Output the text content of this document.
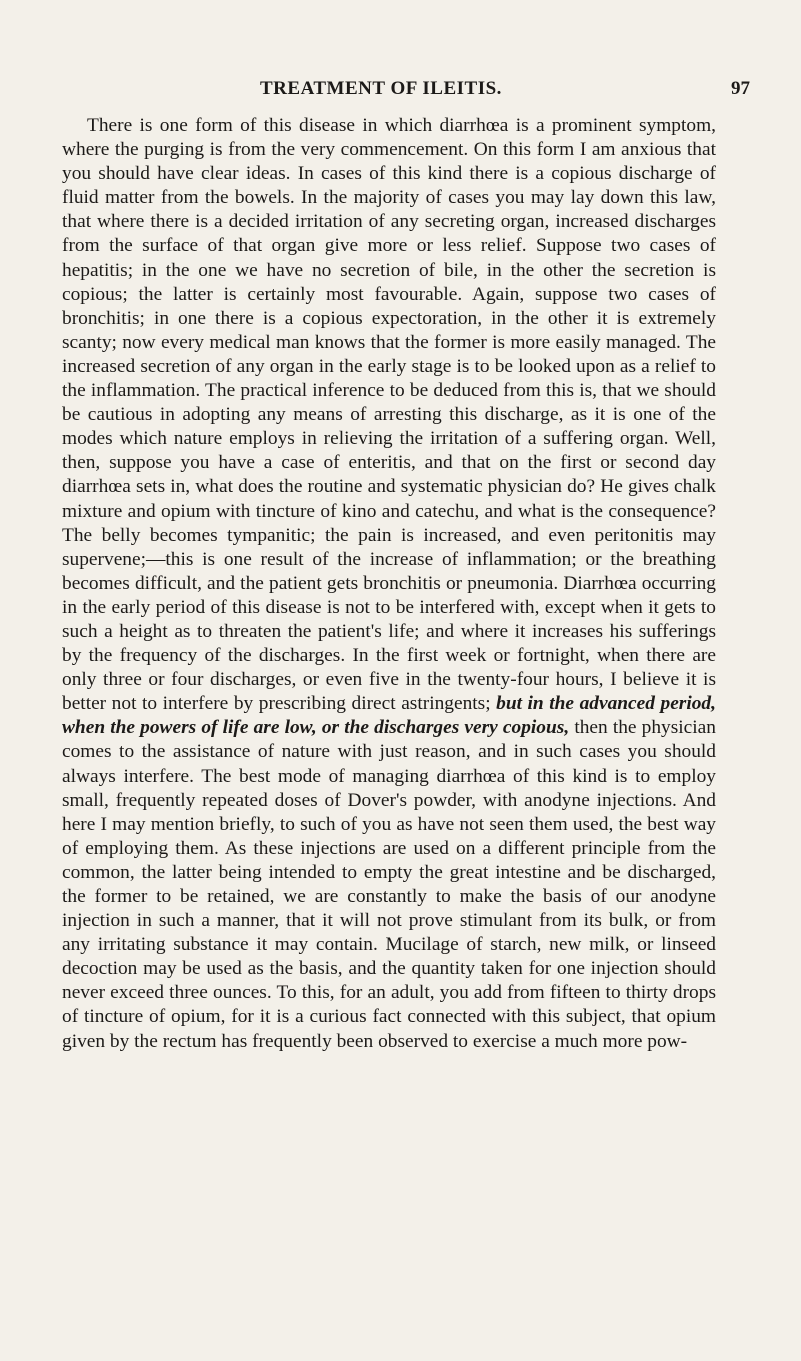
TREATMENT OF ILEITIS.	97

There is one form of this disease in which diarrhœa is a prominent symptom, where the purging is from the very commencement. On this form I am anxious that you should have clear ideas. In cases of this kind there is a copious discharge of fluid matter from the bowels. In the majority of cases you may lay down this law, that where there is a decided irritation of any secreting organ, increased discharges from the surface of that organ give more or less relief. Suppose two cases of hepatitis; in the one we have no secretion of bile, in the other the secretion is copious; the latter is certainly most favourable. Again, suppose two cases of bronchitis; in one there is a copious expectoration, in the other it is extremely scanty; now every medical man knows that the former is more easily managed. The increased secretion of any organ in the early stage is to be looked upon as a relief to the inflammation. The practical inference to be deduced from this is, that we should be cautious in adopting any means of arresting this discharge, as it is one of the modes which nature employs in relieving the irritation of a suffering organ. Well, then, suppose you have a case of enteritis, and that on the first or second day diarrhœa sets in, what does the routine and systematic physician do? He gives chalk mixture and opium with tincture of kino and catechu, and what is the consequence? The belly becomes tympanitic; the pain is increased, and even peritonitis may supervene;—this is one result of the increase of inflammation; or the breathing becomes difficult, and the patient gets bronchitis or pneumonia. Diarrhœa occurring in the early period of this disease is not to be interfered with, except when it gets to such a height as to threaten the patient's life; and where it increases his sufferings by the frequency of the discharges. In the first week or fortnight, when there are only three or four discharges, or even five in the twenty-four hours, I believe it is better not to interfere by prescribing direct astringents; but in the advanced period, when the powers of life are low, or the discharges very copious, then the physician comes to the assistance of nature with just reason, and in such cases you should always interfere. The best mode of managing diarrhœa of this kind is to employ small, frequently repeated doses of Dover's powder, with anodyne injections. And here I may mention briefly, to such of you as have not seen them used, the best way of employing them. As these injections are used on a different principle from the common, the latter being intended to empty the great intestine and be discharged, the former to be retained, we are constantly to make the basis of our anodyne injection in such a manner, that it will not prove stimulant from its bulk, or from any irritating substance it may contain. Mucilage of starch, new milk, or linseed decoction may be used as the basis, and the quantity taken for one injection should never exceed three ounces. To this, for an adult, you add from fifteen to thirty drops of tincture of opium, for it is a curious fact connected with this subject, that opium given by the rectum has frequently been observed to exercise a much more pow-
